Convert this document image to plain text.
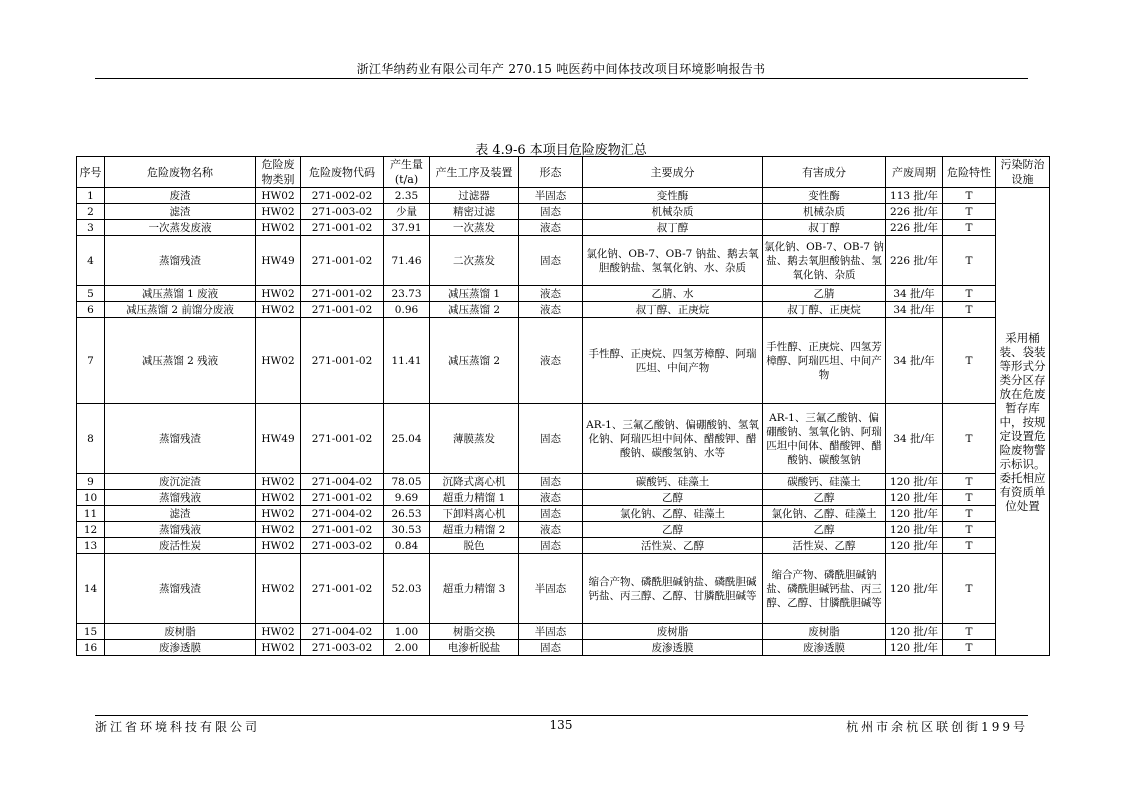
浙江华纳药业有限公司年产 270.15 吨医药中间体技改项目环境影响报告书
表 4.9-6 本项目危险废物汇总
序号	危险废物名称	危险废物类别	危险废物代码	产生量(t/a)	产生工序及装置	形态	主要成分	有害成分	产废周期	危险特性	污染防治设施
1	废渣	HW02	271-002-02	2.35	过滤器	半固态	变性酶	变性酶	113 批/年	T	采用桶装、袋装等形式分类分区存放在危废暂存库中，按规定设置危险废物警示标识。委托相应有资质单位处置
2	滤渣	HW02	271-003-02	少量	精密过滤	固态	机械杂质	机械杂质	226 批/年	T	
3	一次蒸发废液	HW02	271-001-02	37.91	一次蒸发	液态	叔丁醇	叔丁醇	226 批/年	T	
4	蒸馏残渣	HW49	271-001-02	71.46	二次蒸发	固态	氯化钠、OB-7、OB-7 钠盐、鹅去氧胆酸钠盐、氢氧化钠、水、杂质	氯化钠、OB-7、OB-7 钠盐、鹅去氧胆酸钠盐、氢氧化钠、杂质	226 批/年	T	
5	减压蒸馏 1 废液	HW02	271-001-02	23.73	减压蒸馏 1	液态	乙腈、水	乙腈	34 批/年	T	
6	减压蒸馏 2 前馏分废液	HW02	271-001-02	0.96	减压蒸馏 2	液态	叔丁醇、正庚烷	叔丁醇、正庚烷	34 批/年	T	
7	减压蒸馏 2 残液	HW02	271-001-02	11.41	减压蒸馏 2	液态	手性醇、正庚烷、四氢芳樟醇、阿瑞匹坦、中间产物	手性醇、正庚烷、四氢芳樟醇、阿瑞匹坦、中间产物	34 批/年	T	
8	蒸馏残渣	HW49	271-001-02	25.04	薄膜蒸发	固态	AR-1、三氟乙酸钠、偏硼酸钠、氢氧化钠、阿瑞匹坦中间体、醋酸钾、醋酸钠、碳酸氢钠、水等	AR-1、三氟乙酸钠、偏硼酸钠、氢氧化钠、阿瑞匹坦中间体、醋酸钾、醋酸钠、碳酸氢钠	34 批/年	T	
9	废沉淀渣	HW02	271-004-02	78.05	沉降式离心机	固态	碳酸钙、硅藻土	碳酸钙、硅藻土	120 批/年	T	
10	蒸馏残液	HW02	271-001-02	9.69	超重力精馏 1	液态	乙醇	乙醇	120 批/年	T	
11	滤渣	HW02	271-004-02	26.53	下卸料离心机	固态	氯化钠、乙醇、硅藻土	氯化钠、乙醇、硅藻土	120 批/年	T	
12	蒸馏残液	HW02	271-001-02	30.53	超重力精馏 2	液态	乙醇	乙醇	120 批/年	T	
13	废活性炭	HW02	271-003-02	0.84	脱色	固态	活性炭、乙醇	活性炭、乙醇	120 批/年	T	
14	蒸馏残渣	HW02	271-001-02	52.03	超重力精馏 3	半固态	缩合产物、磷酰胆碱钠盐、磷酰胆碱钙盐、丙三醇、乙醇、甘膦酰胆碱等	缩合产物、磷酰胆碱钠盐、磷酰胆碱钙盐、丙三醇、乙醇、甘膦酰胆碱等	120 批/年	T	
15	废树脂	HW02	271-004-02	1.00	树脂交换	半固态	废树脂	废树脂	120 批/年	T	
16	废渗透膜	HW02	271-003-02	2.00	电渗析脱盐	固态	废渗透膜	废渗透膜	120 批/年	T	
浙江省环境科技有限公司	135	杭州市余杭区联创街199号
